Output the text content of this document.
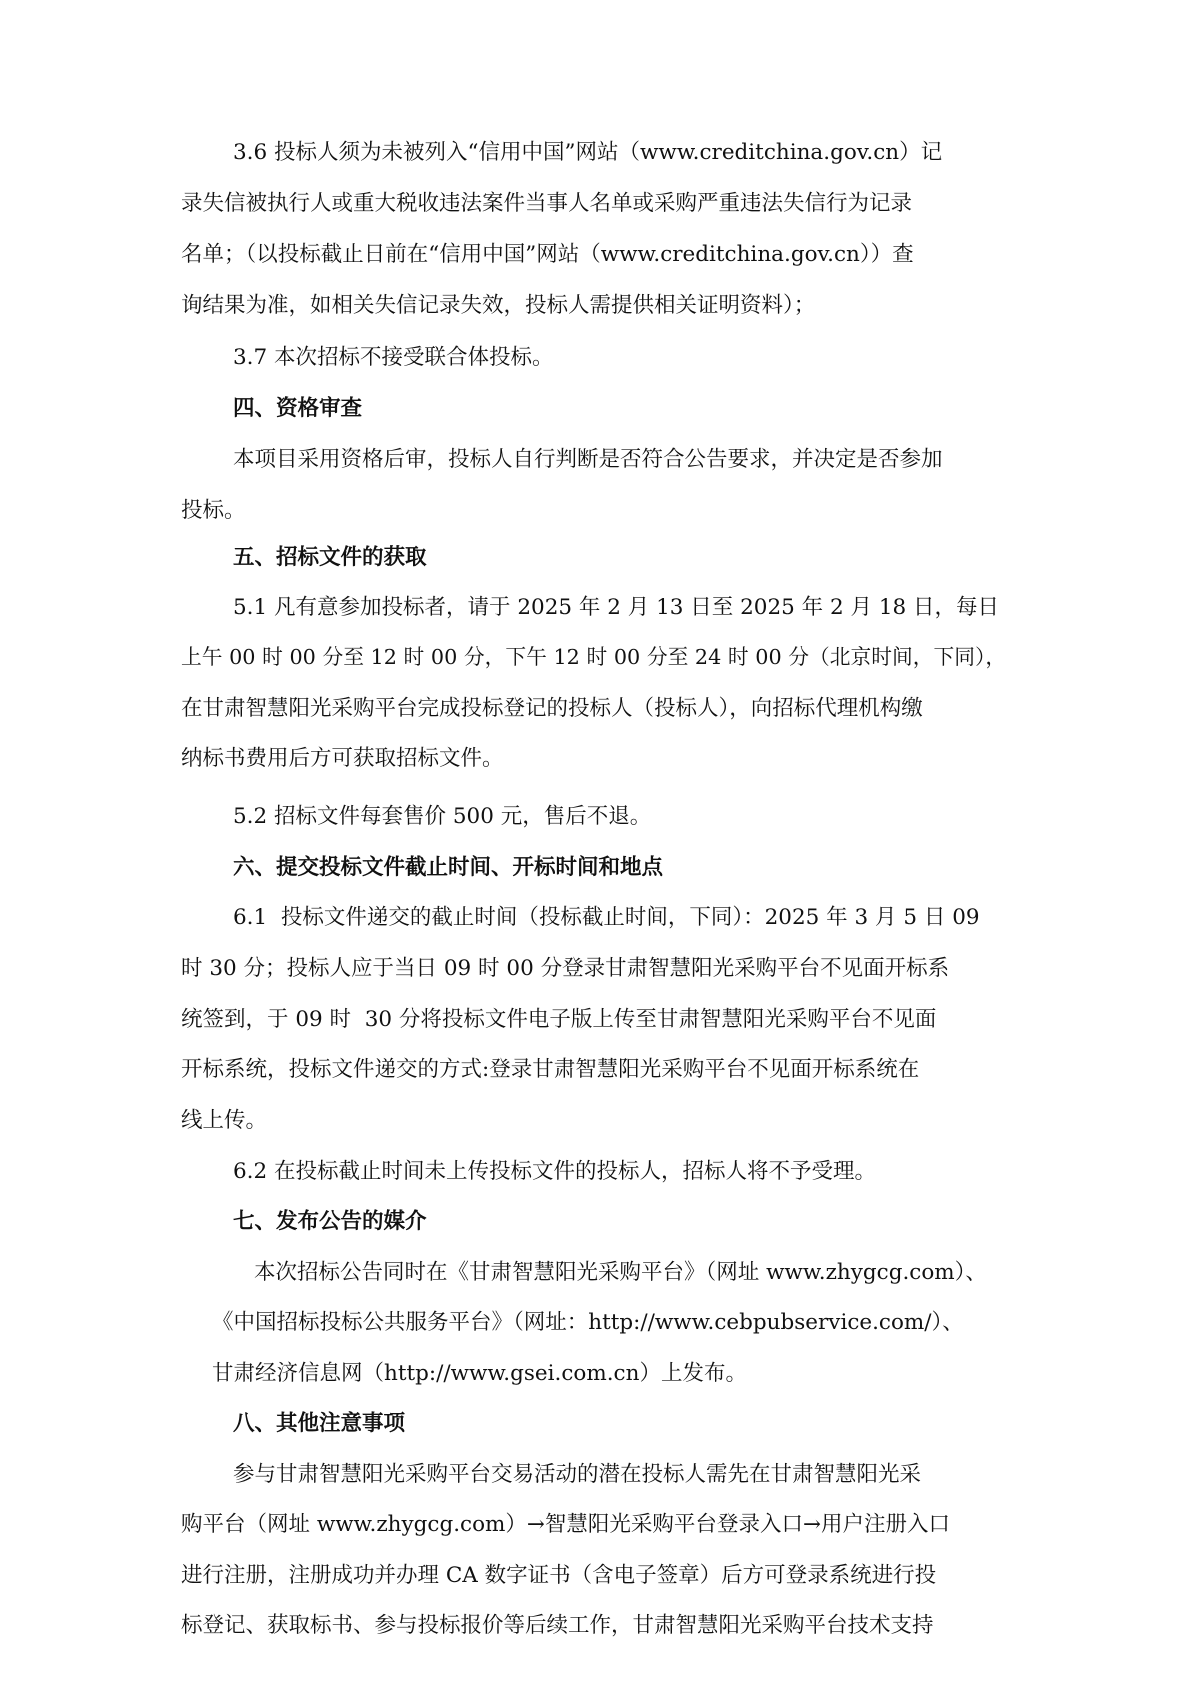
3.6 投标人须为未被列入“信用中国”网站（www.creditchina.gov.cn）记
录失信被执行人或重大税收违法案件当事人名单或采购严重违法失信行为记录
名单；（以投标截止日前在“信用中国”网站（www.creditchina.gov.cn））查
询结果为准，如相关失信记录失效，投标人需提供相关证明资料）；
3.7 本次招标不接受联合体投标。
四、资格审查
本项目采用资格后审，投标人自行判断是否符合公告要求，并决定是否参加
投标。
五、招标文件的获取
5.1 凡有意参加投标者，请于 2025 年 2 月 13 日至 2025 年 2 月 18 日，每日
上午 00 时 00 分至 12 时 00 分，下午 12 时 00 分至 24 时 00 分（北京时间，下同），
在甘肃智慧阳光采购平台完成投标登记的投标人（投标人），向招标代理机构缴
纳标书费用后方可获取招标文件。
5.2 招标文件每套售价 500 元，售后不退。
六、提交投标文件截止时间、开标时间和地点
6.1  投标文件递交的截止时间（投标截止时间，下同）：2025 年 3 月 5 日 09
时 30 分；投标人应于当日 09 时 00 分登录甘肃智慧阳光采购平台不见面开标系
统签到，于 09 时  30 分将投标文件电子版上传至甘肃智慧阳光采购平台不见面
开标系统，投标文件递交的方式:登录甘肃智慧阳光采购平台不见面开标系统在
线上传。
6.2 在投标截止时间未上传投标文件的投标人，招标人将不予受理。
七、发布公告的媒介
本次招标公告同时在《甘肃智慧阳光采购平台》（网址 www.zhygcg.com）、
《中国招标投标公共服务平台》（网址：http://www.cebpubservice.com/）、
甘肃经济信息网（http://www.gsei.com.cn）上发布。
八、其他注意事项
参与甘肃智慧阳光采购平台交易活动的潜在投标人需先在甘肃智慧阳光采
购平台（网址 www.zhygcg.com）→智慧阳光采购平台登录入口→用户注册入口
进行注册，注册成功并办理 CA 数字证书（含电子签章）后方可登录系统进行投
标登记、获取标书、参与投标报价等后续工作，甘肃智慧阳光采购平台技术支持
